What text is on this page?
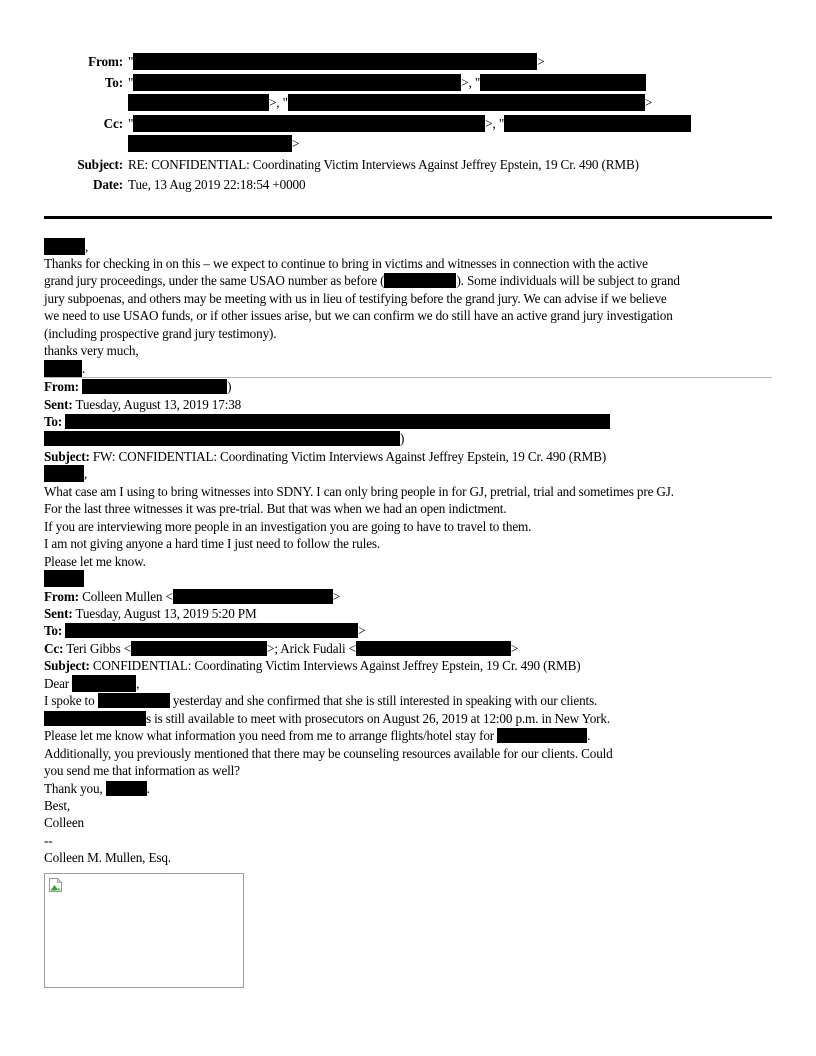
From: "	>
To: "	>, "
>, "	>
Cc: "	>, "
>
Subject: RE: CONFIDENTIAL: Coordinating Victim Interviews Against Jeffrey Epstein, 19 Cr. 490 (RMB)
Date: Tue, 13 Aug 2019 22:18:54 +0000
,
Thanks for checking in on this – we expect to continue to bring in victims and witnesses in connection with the active
grand jury proceedings, under the same USAO number as before (	). Some individuals will be subject to grand
jury subpoenas, and others may be meeting with us in lieu of testifying before the grand jury. We can advise if we believe
we need to use USAO funds, or if other issues arise, but we can confirm we do still have an active grand jury investigation
(including prospective grand jury testimony).
thanks very much,
.
From:	)
Sent: Tuesday, August 13, 2019 17:38
To:
)
Subject: FW: CONFIDENTIAL: Coordinating Victim Interviews Against Jeffrey Epstein, 19 Cr. 490 (RMB)
,
What case am I using to bring witnesses into SDNY. I can only bring people in for GJ, pretrial, trial and sometimes pre GJ.
For the last three witnesses it was pre-trial. But that was when we had an open indictment.
If you are interviewing more people in an investigation you are going to have to travel to them.
I am not giving anyone a hard time I just need to follow the rules.
Please let me know.
From: Colleen Mullen <	>
Sent: Tuesday, August 13, 2019 5:20 PM
To:	>
Cc: Teri Gibbs <	>; Arick Fudali <	>
Subject: CONFIDENTIAL: Coordinating Victim Interviews Against Jeffrey Epstein, 19 Cr. 490 (RMB)
Dear	,
I spoke to	yesterday and she confirmed that she is still interested in speaking with our clients.
s is still available to meet with prosecutors on August 26, 2019 at 12:00 p.m. in New York.
Please let me know what information you need from me to arrange flights/hotel stay for	.
Additionally, you previously mentioned that there may be counseling resources available for our clients. Could
you send me that information as well?
Thank you,	.
Best,
Colleen
--
Colleen M. Mullen, Esq.
